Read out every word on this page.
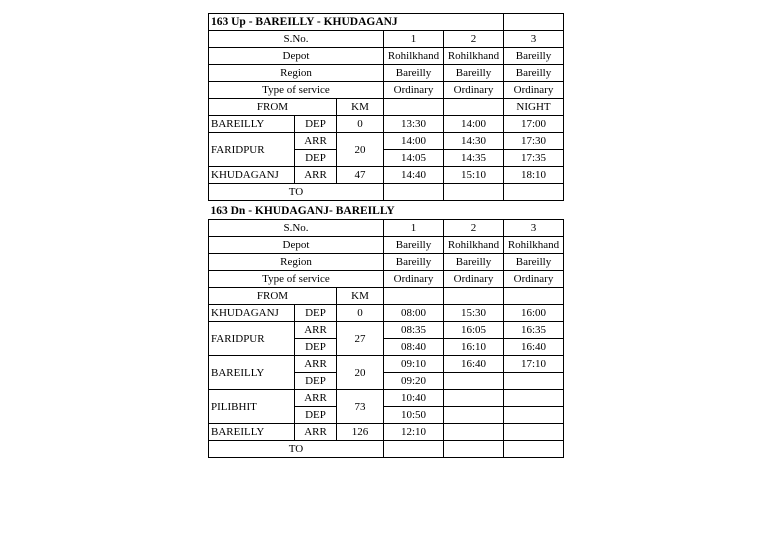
163 Up - BAREILLY - KHUDAGANJ					
S.No.			1	2	3
Depot			Rohilkhand	Rohilkhand	Bareilly
Region			Bareilly	Bareilly	Bareilly
Type of service			Ordinary	Ordinary	Ordinary
FROM		KM			NIGHT
BAREILLY	DEP	0	13:30	14:00	17:00
FARIDPUR	ARR	20	14:00	14:30	17:30
	DEP		14:05	14:35	17:35
KHUDAGANJ	ARR	47	14:40	15:10	18:10
TO					
163 Dn - KHUDAGANJ- BAREILLY					
S.No.			1	2	3
Depot			Bareilly	Rohilkhand	Rohilkhand
Region			Bareilly	Bareilly	Bareilly
Type of service			Ordinary	Ordinary	Ordinary
FROM		KM			
KHUDAGANJ	DEP	0	08:00	15:30	16:00
FARIDPUR	ARR	27	08:35	16:05	16:35
	DEP		08:40	16:10	16:40
BAREILLY	ARR	20	09:10	16:40	17:10
	DEP		09:20		
PILIBHIT	ARR	73	10:40		
	DEP		10:50		
BAREILLY	ARR	126	12:10		
TO					
